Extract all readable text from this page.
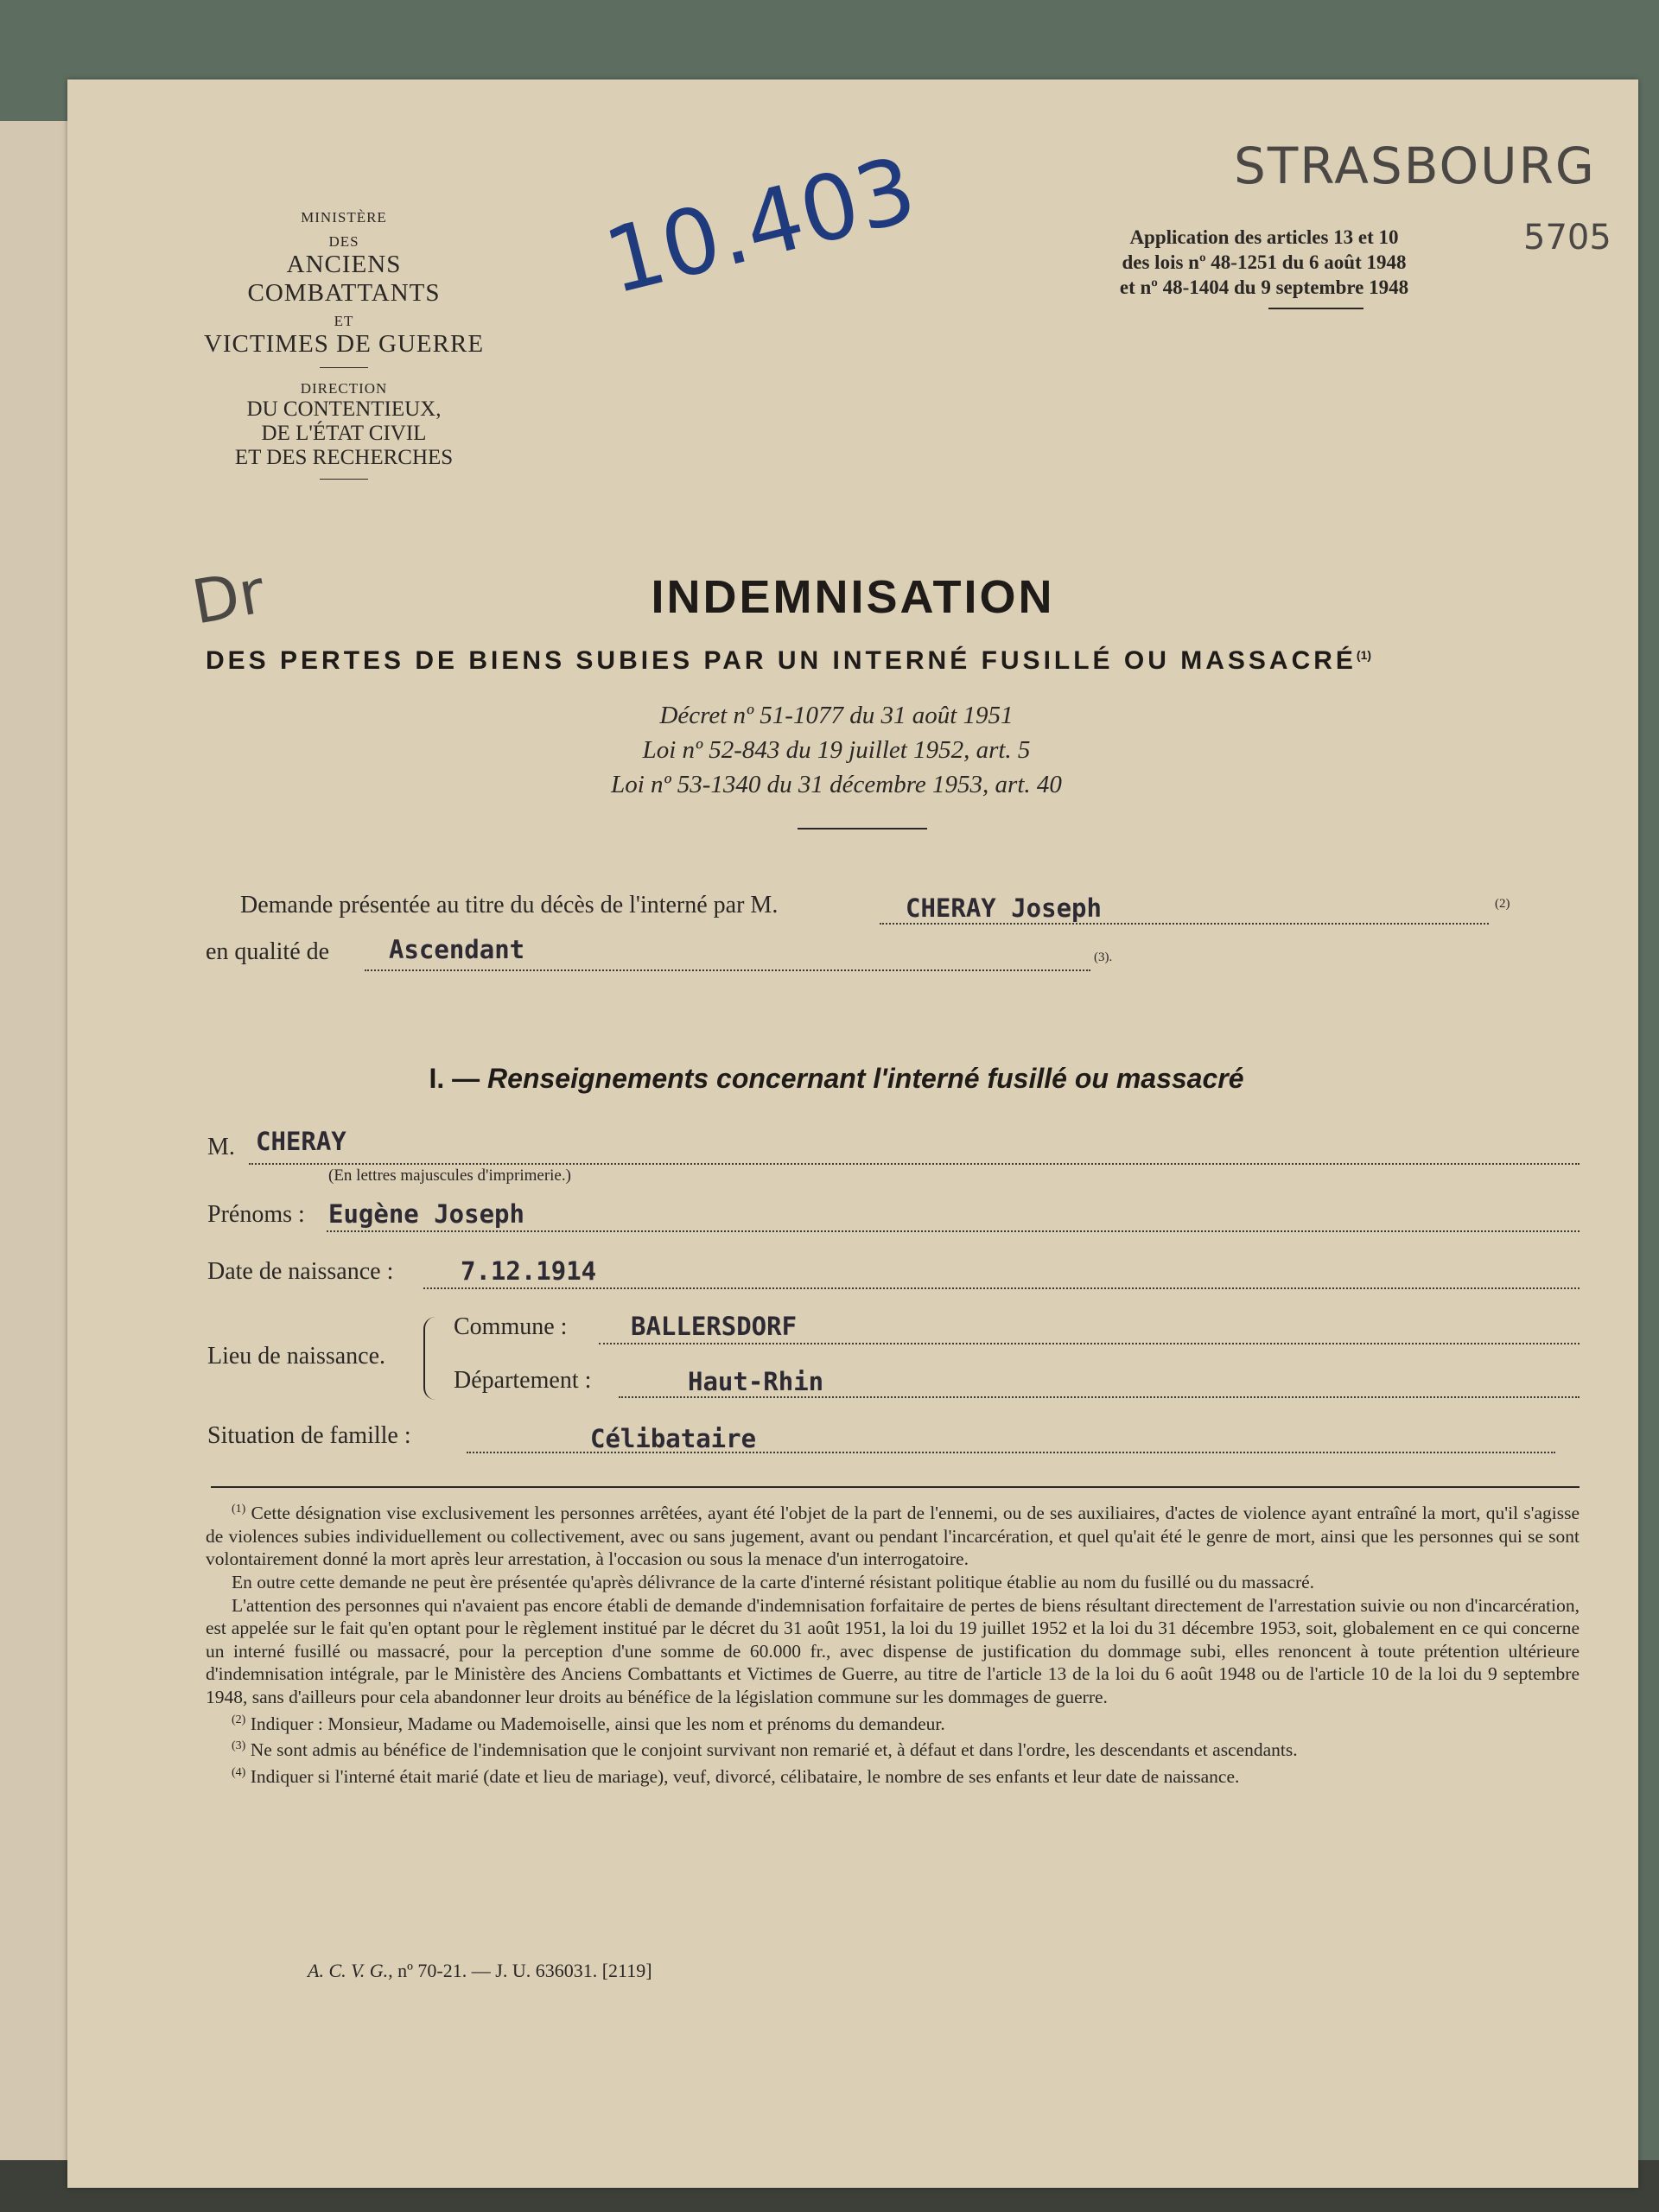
MINISTÈRE
DES
ANCIENS COMBATTANTS
ET
VICTIMES DE GUERRE
DIRECTION
DU CONTENTIEUX,
DE L'ÉTAT CIVIL
ET DES RECHERCHES
10.403	STRASBOURG
5705
Dr
Application des articles 13 et 10
des lois nº 48-1251 du 6 août 1948
et nº 48-1404 du 9 septembre 1948
INDEMNISATION
DES PERTES DE BIENS SUBIES PAR UN INTERNÉ FUSILLÉ OU MASSACRÉ$^{(1)}$
Décret nº 51-1077 du 31 août 1951
Loi nº 52-843 du 19 juillet 1952, art. 5
Loi nº 53-1340 du 31 décembre 1953, art. 40
Demande présentée au titre du décès de l'interné par M.	CHERAY Joseph	(2)
en qualité de Ascendant	(3).
I. — Renseignements concernant l'interné fusillé ou massacré
M. CHERAY
(En lettres majuscules d'imprimerie.)
Prénoms : Eugène Joseph
Date de naissance :	7.12.1914
Lieu de naissance.
Commune :	BALLERSDORF
Département :	Haut-Rhin
Situation de famille :	Célibataire

$^{(1)}$ Cette désignation vise exclusivement les personnes arrêtées, ayant été l'objet de la part de l'ennemi, ou de ses auxiliaires, d'actes de violence ayant entraîné la mort, qu'il s'agisse de violences subies individuellement ou collectivement, avec ou sans jugement, avant ou pendant l'incarcération, et quel qu'ait été le genre de mort, ainsi que les personnes qui se sont volontairement donné la mort après leur arrestation, à l'occasion ou sous la menace d'un interrogatoire.

En outre cette demande ne peut ère présentée qu'après délivrance de la carte d'interné résistant politique établie au nom du fusillé ou du massacré.

L'attention des personnes qui n'avaient pas encore établi de demande d'indemnisation forfaitaire de pertes de biens résultant directement de l'arrestation suivie ou non d'incarcération, est appelée sur le fait qu'en optant pour le règlement institué par le décret du 31 août 1951, la loi du 19 juillet 1952 et la loi du 31 décembre 1953, soit, globalement en ce qui concerne un interné fusillé ou massacré, pour la perception d'une somme de 60.000 fr., avec dispense de justification du dommage subi, elles renoncent à toute prétention ultérieure d'indemnisation intégrale, par le Ministère des Anciens Combattants et Victimes de Guerre, au titre de l'article 13 de la loi du 6 août 1948 ou de l'article 10 de la loi du 9 septembre 1948, sans d'ailleurs pour cela abandonner leur droits au bénéfice de la législation commune sur les dommages de guerre.

$^{(2)}$ Indiquer : Monsieur, Madame ou Mademoiselle, ainsi que les nom et prénoms du demandeur.

$^{(3)}$ Ne sont admis au bénéfice de l'indemnisation que le conjoint survivant non remarié et, à défaut et dans l'ordre, les descendants et ascendants.

$^{(4)}$ Indiquer si l'interné était marié (date et lieu de mariage), veuf, divorcé, célibataire, le nombre de ses enfants et leur date de naissance.

A. C. V. G., nº 70-21. — J. U. 636031. [2119]
